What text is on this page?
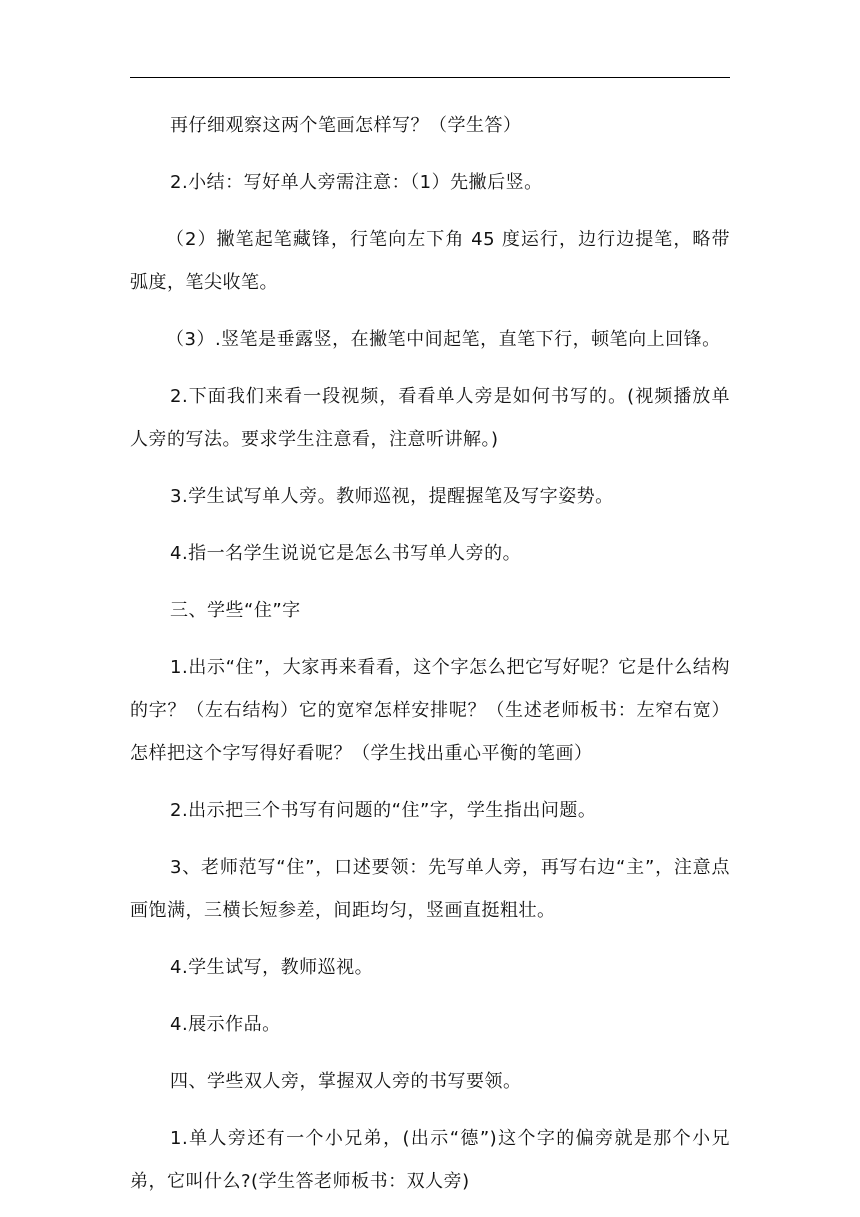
再仔细观察这两个笔画怎样写？（学生答）

2.小结：写好单人旁需注意：（1）先撇后竖。

（2）撇笔起笔藏锋，行笔向左下角 45 度运行，边行边提笔，略带弧度，笔尖收笔。

（3）.竖笔是垂露竖，在撇笔中间起笔，直笔下行，顿笔向上回锋。

2.下面我们来看一段视频，看看单人旁是如何书写的。(视频播放单人旁的写法。要求学生注意看，注意听讲解。)

3.学生试写单人旁。教师巡视，提醒握笔及写字姿势。

4.指一名学生说说它是怎么书写单人旁的。

三、学些“住”字

1.出示“住”，大家再来看看，这个字怎么把它写好呢？它是什么结构的字？（左右结构）它的宽窄怎样安排呢？（生述老师板书：左窄右宽）怎样把这个字写得好看呢？（学生找出重心平衡的笔画）

2.出示把三个书写有问题的“住”字，学生指出问题。

3、老师范写“住”，口述要领：先写单人旁，再写右边“主”，注意点画饱满，三横长短参差，间距均匀，竖画直挺粗壮。

4.学生试写，教师巡视。

4.展示作品。

四、学些双人旁，掌握双人旁的书写要领。

1.单人旁还有一个小兄弟，(出示“德”)这个字的偏旁就是那个小兄弟，它叫什么?(学生答老师板书：双人旁)
